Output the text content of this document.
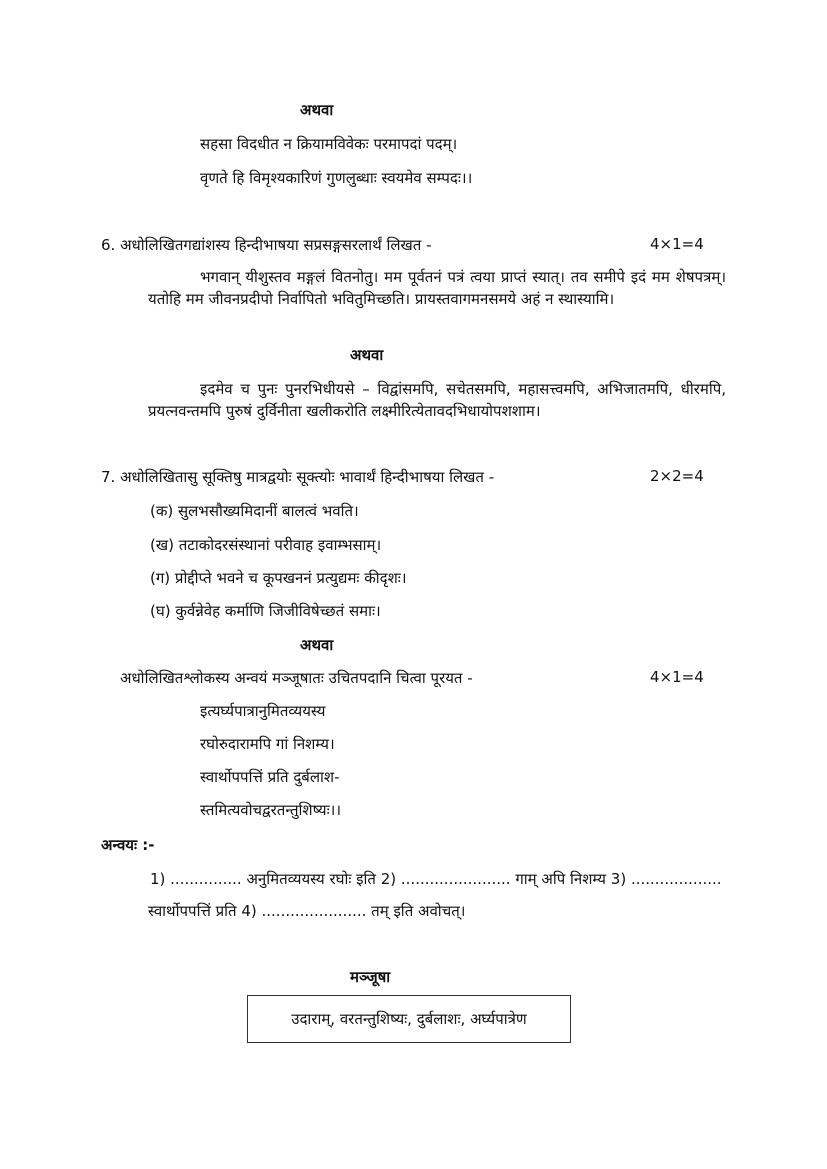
अथवा
सहसा विदधीत न क्रियामविवेकः परमापदां पदम्।
वृणते हि विमृश्यकारिणं गुणलुब्धाः स्वयमेव सम्पदः।।
6. अधोलिखितगद्यांशस्य हिन्दीभाषया सप्रसङ्गसरलार्थं लिखत -	4×1=4
भगवान् यीशुस्तव मङ्गलं वितनोतु। मम पूर्वतनं पत्रं त्वया प्राप्तं स्यात्। तव समीपे इदं मम शेषपत्रम्। यतोहि मम जीवनप्रदीपो निर्वापितो भवितुमिच्छति। प्रायस्तवागमनसमये अहं न स्थास्यामि।
अथवा
इदमेव च पुनः पुनरभिधीयसे – विद्वांसमपि, सचेतसमपि, महासत्त्वमपि, अभिजातमपि, धीरमपि, प्रयत्नवन्तमपि पुरुषं दुर्विनीता खलीकरोति लक्ष्मीरित्येतावदभिधायोपशशाम।
7. अधोलिखितासु सूक्तिषु मात्रद्वयोः सूक्त्योः भावार्थं हिन्दीभाषया लिखत -	2×2=4
(क) सुलभसौख्यमिदानीं बालत्वं भवति।
(ख) तटाकोदरसंस्थानां परीवाह इवाम्भसाम्।
(ग) प्रोद्दीप्ते भवने च कूपखननं प्रत्युद्यमः कीदृशः।
(घ) कुर्वन्नेवेह कर्माणि जिजीविषेच्छतं समाः।
अथवा
अधोलिखितश्लोकस्य अन्वयं मञ्जूषातः उचितपदानि चित्वा पूरयत -	4×1=4
इत्यर्घ्यपात्रानुमितव्ययस्य
रघोरुदारामपि गां निशम्य।
स्वार्थोपपत्तिं प्रति दुर्बलाश-
स्तमित्यवोचद्वरतन्तुशिष्यः।।
अन्वयः :-
1) ............... अनुमितव्ययस्य रघोः इति 2) ....................... गाम् अपि निशम्य 3) ...................
स्वार्थोपपत्तिं प्रति 4) ...................... तम् इति अवोचत्।
मञ्जूषा
उदाराम्, वरतन्तुशिष्यः, दुर्बलाशः, अर्घ्यपात्रेण
